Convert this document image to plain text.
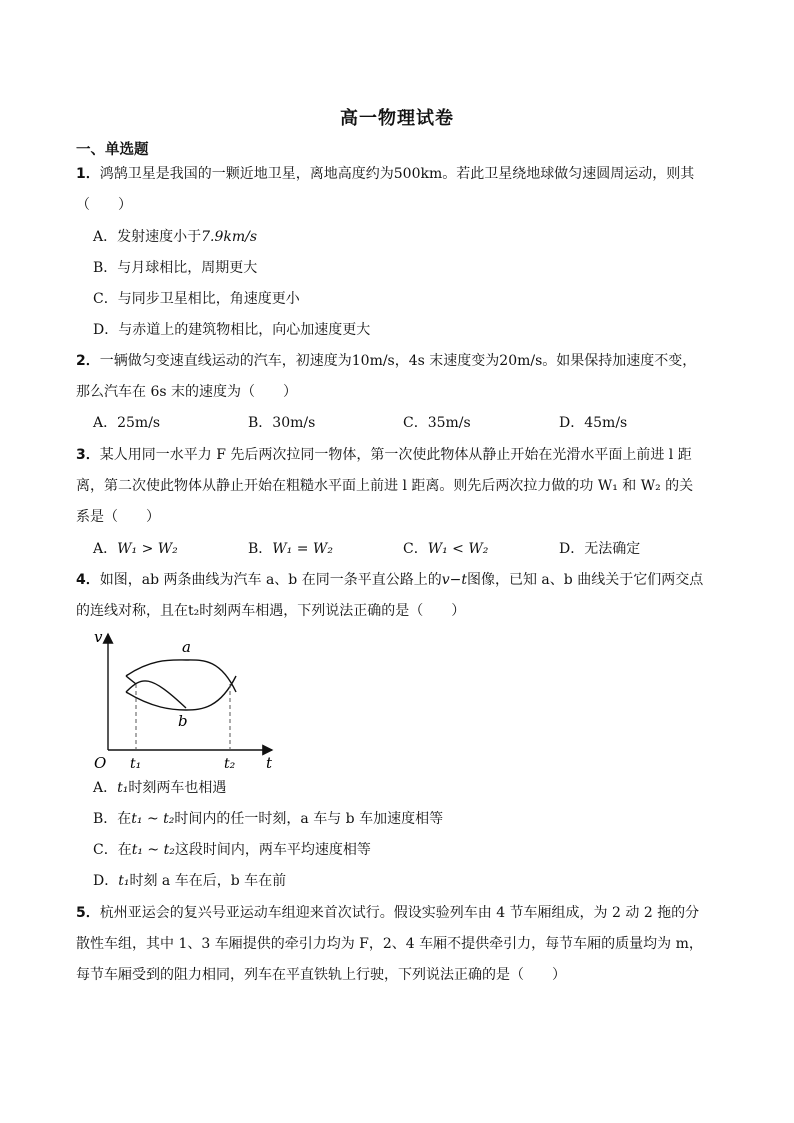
高一物理试卷
一、单选题
1．鸿鹄卫星是我国的一颗近地卫星，离地高度约为500km。若此卫星绕地球做匀速圆周运动，则其
（　　）
A．发射速度小于7.9km/s
B．与月球相比，周期更大
C．与同步卫星相比，角速度更小
D．与赤道上的建筑物相比，向心加速度更大
2．一辆做匀变速直线运动的汽车，初速度为10m/s，4s 末速度变为20m/s。如果保持加速度不变，
那么汽车在 6s 末的速度为（　　）
A．25m/s	B．30m/s	C．35m/s	D．45m/s
3．某人用同一水平力 F 先后两次拉同一物体，第一次使此物体从静止开始在光滑水平面上前进 l 距
离，第二次使此物体从静止开始在粗糙水平面上前进 l 距离。则先后两次拉力做的功 W₁ 和 W₂ 的关
系是（　　）
A．W₁ > W₂	B．W₁ = W₂	C．W₁ < W₂	D．无法确定
4．如图，ab 两条曲线为汽车 a、b 在同一条平直公路上的v−t图像，已知 a、b 曲线关于它们两交点
的连线对称，且在t₂时刻两车相遇，下列说法正确的是（　　）
v
t
O
a
b
t₁	t₂
A．t₁时刻两车也相遇
B．在t₁ ~ t₂时间内的任一时刻，a 车与 b 车加速度相等
C．在t₁ ~ t₂这段时间内，两车平均速度相等
D．t₁时刻 a 车在后，b 车在前
5．杭州亚运会的复兴号亚运动车组迎来首次试行。假设实验列车由 4 节车厢组成，为 2 动 2 拖的分
散性车组，其中 1、3 车厢提供的牵引力均为 F，2、4 车厢不提供牵引力，每节车厢的质量均为 m，
每节车厢受到的阻力相同，列车在平直铁轨上行驶，下列说法正确的是（　　）
